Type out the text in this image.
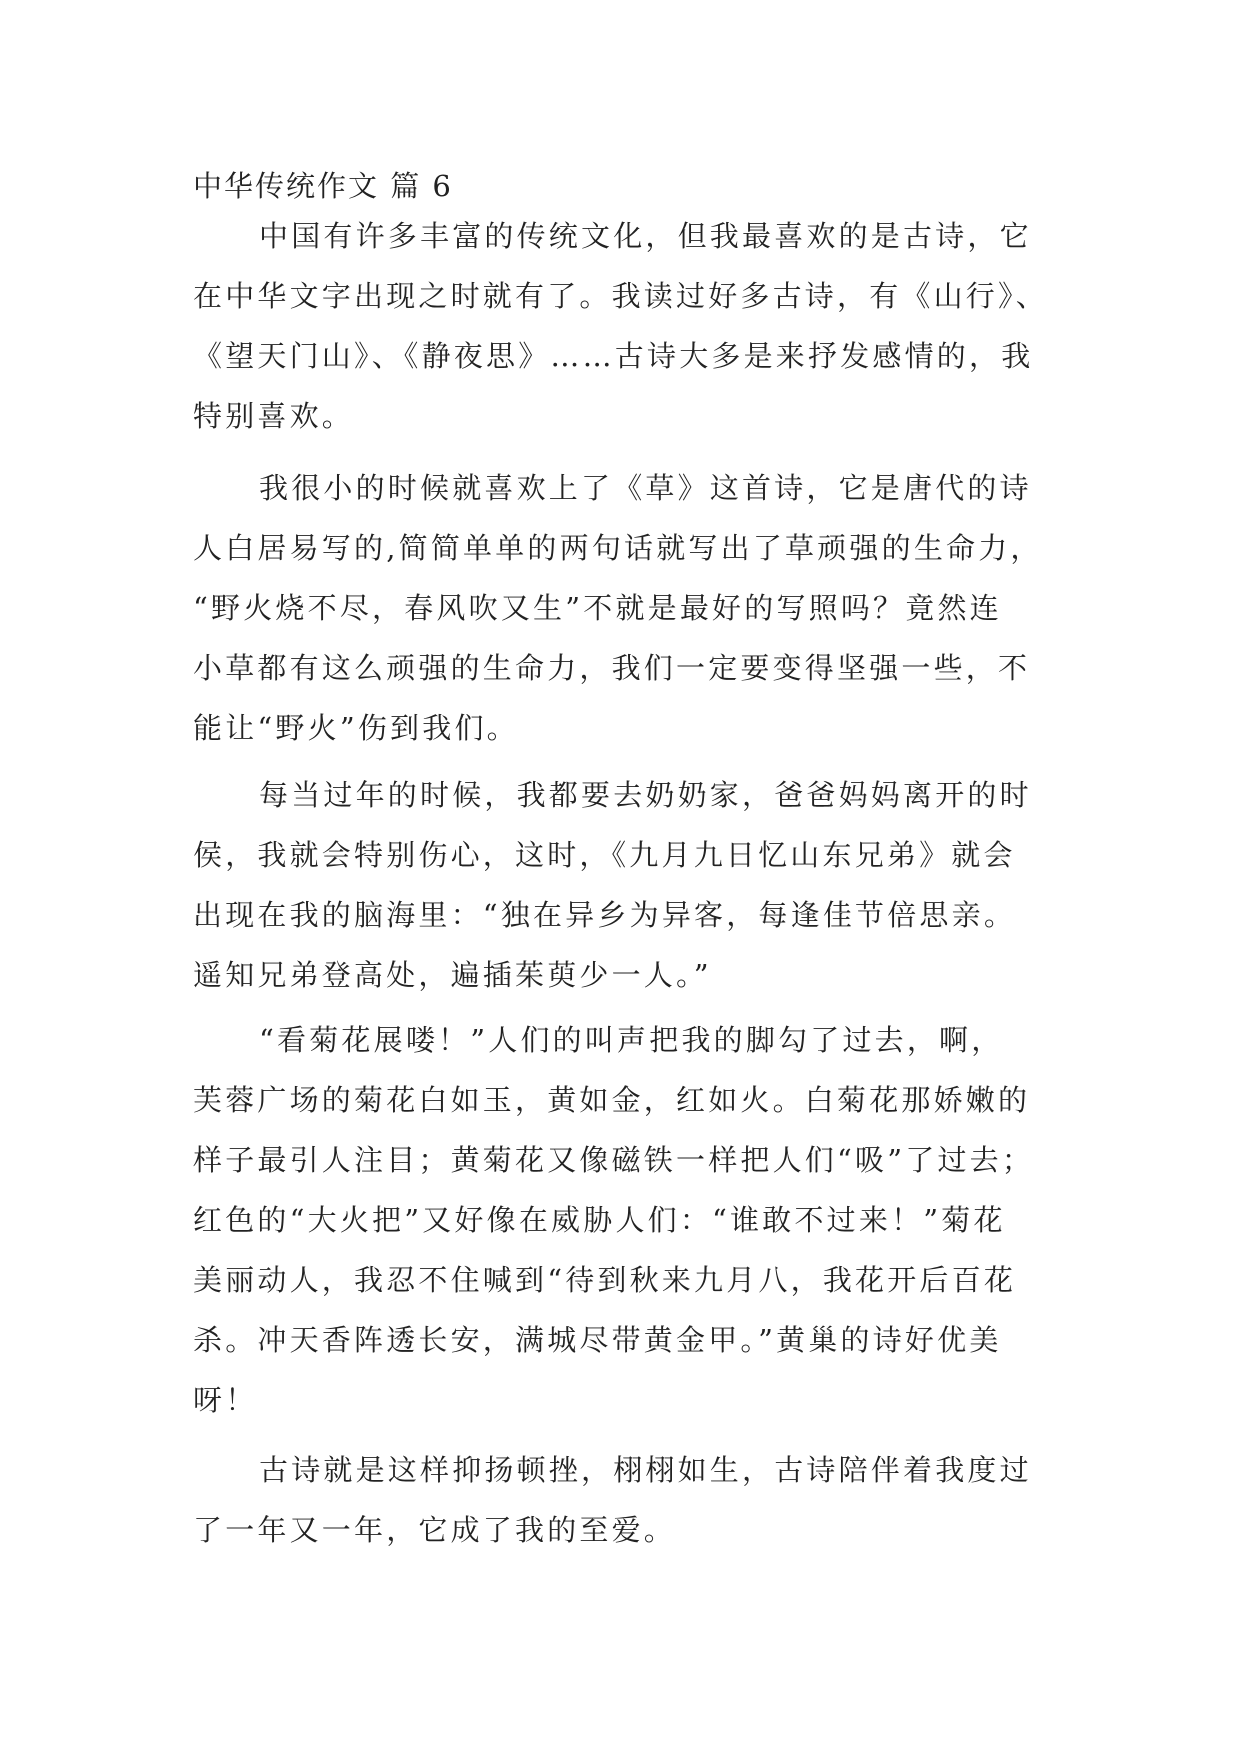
中华传统作文 篇 6
中国有许多丰富的传统文化，但我最喜欢的是古诗，它
在中华文字出现之时就有了。我读过好多古诗，有《山行》、
《望天门山》、《静夜思》……古诗大多是来抒发感情的，我
特别喜欢。
我很小的时候就喜欢上了《草》这首诗，它是唐代的诗
人白居易写的,简简单单的两句话就写出了草顽强的生命力，
“野火烧不尽，春风吹又生”不就是最好的写照吗？竟然连
小草都有这么顽强的生命力，我们一定要变得坚强一些，不
能让“野火”伤到我们。
每当过年的时候，我都要去奶奶家，爸爸妈妈离开的时
侯，我就会特别伤心，这时，《九月九日忆山东兄弟》就会
出现在我的脑海里：“独在异乡为异客，每逢佳节倍思亲。
遥知兄弟登高处，遍插茱萸少一人。”
“看菊花展喽！”人们的叫声把我的脚勾了过去，啊，
芙蓉广场的菊花白如玉，黄如金，红如火。白菊花那娇嫩的
样子最引人注目；黄菊花又像磁铁一样把人们“吸”了过去；
红色的“大火把”又好像在威胁人们：“谁敢不过来！”菊花
美丽动人，我忍不住喊到“待到秋来九月八，我花开后百花
杀。冲天香阵透长安，满城尽带黄金甲。”黄巢的诗好优美
呀！
古诗就是这样抑扬顿挫，栩栩如生，古诗陪伴着我度过
了一年又一年，它成了我的至爱。
